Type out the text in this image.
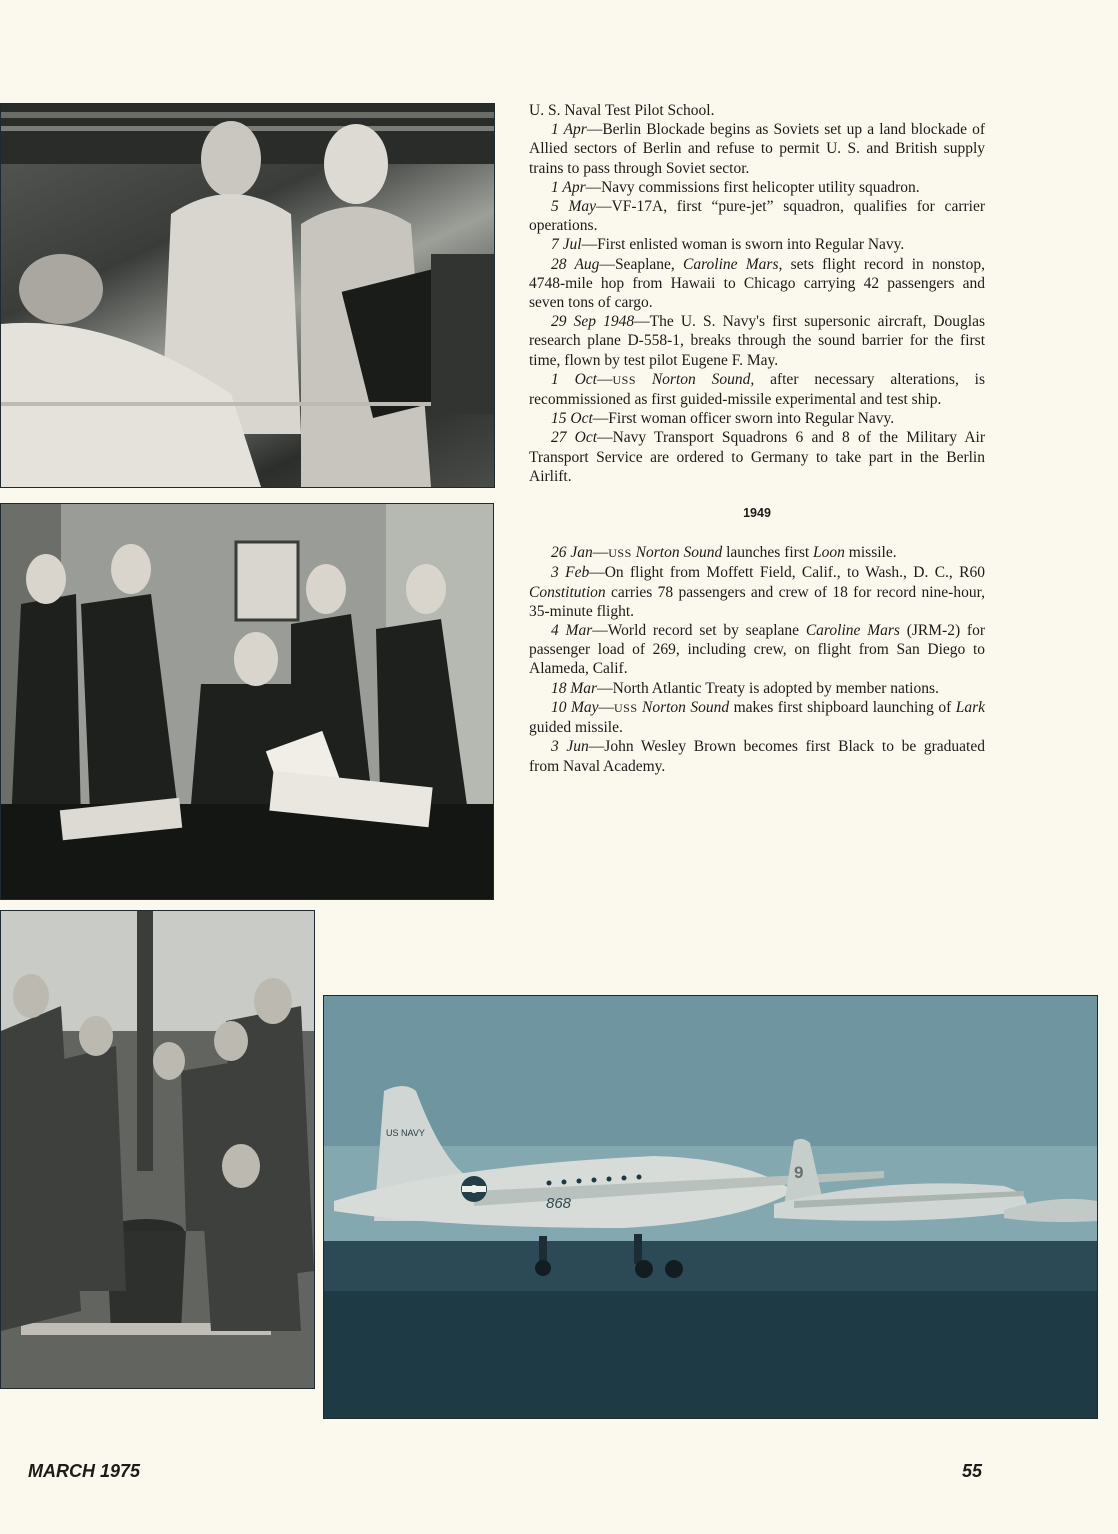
US NAVY
868
9

U. S. Naval Test Pilot School.

1 Apr—Berlin Blockade begins as Soviets set up a land blockade of Allied sectors of Berlin and refuse to permit U. S. and British supply trains to pass through Soviet sector.

1 Apr—Navy commissions first helicopter utility squadron.

5 May—VF-17A, first “pure-jet” squadron, qualifies for carrier operations.

7 Jul—First enlisted woman is sworn into Regular Navy.

28 Aug—Seaplane, Caroline Mars, sets flight record in nonstop, 4748-mile hop from Hawaii to Chicago carrying 42 passengers and seven tons of cargo.

29 Sep 1948—The U. S. Navy's first supersonic aircraft, Douglas research plane D-558-1, breaks through the sound barrier for the first time, flown by test pilot Eugene F. May.

1 Oct—USS Norton Sound, after necessary alterations, is recommissioned as first guided-missile experimental and test ship.

15 Oct—First woman officer sworn into Regular Navy.

27 Oct—Navy Transport Squadrons 6 and 8 of the Military Air Transport Service are ordered to Germany to take part in the Berlin Airlift.

1949

26 Jan—USS Norton Sound launches first Loon missile.

3 Feb—On flight from Moffett Field, Calif., to Wash., D. C., R60 Constitution carries 78 passengers and crew of 18 for record nine-hour, 35-minute flight.

4 Mar—World record set by seaplane Caroline Mars (JRM-2) for passenger load of 269, including crew, on flight from San Diego to Alameda, Calif.

18 Mar—North Atlantic Treaty is adopted by member nations.

10 May—USS Norton Sound makes first shipboard launching of Lark guided missile.

3 Jun—John Wesley Brown becomes first Black to be graduated from Naval Academy.

MARCH 1975	55
